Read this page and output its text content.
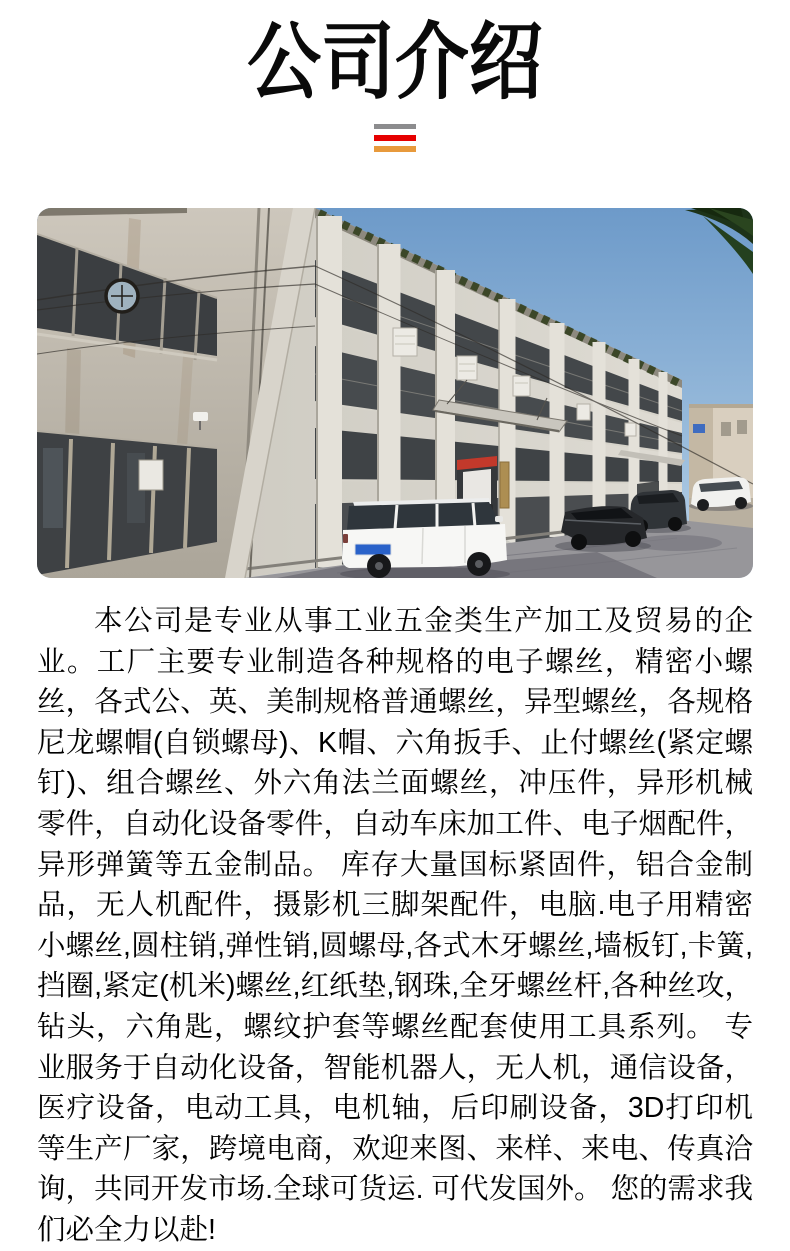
公司介绍

本公司是专业从事工业五金类生产加工及贸易的企业。工厂主要专业制造各种规格的电子螺丝，精密小螺丝，各式公、英、美制规格普通螺丝，异型螺丝，各规格尼龙螺帽(自锁螺母)、K帽、六角扳手、止付螺丝(紧定螺钉)、组合螺丝、外六角法兰面螺丝，冲压件，异形机械零件，自动化设备零件，自动车床加工件、电子烟配件，异形弹簧等五金制品。 库存大量国标紧固件，铝合金制品，无人机配件，摄影机三脚架配件，电脑.电子用精密小螺丝,圆柱销,弹性销,圆螺母,各式木牙螺丝,墙板钉,卡簧,挡圈,紧定(机米)螺丝,红纸垫,钢珠,全牙螺丝杆,各种丝攻，钻头，六角匙，螺纹护套等螺丝配套使用工具系列。 专业服务于自动化设备，智能机器人，无人机，通信设备，医疗设备，电动工具，电机轴，后印刷设备，3D打印机等生产厂家，跨境电商，欢迎来图、来样、来电、传真洽询，共同开发市场.全球可货运. 可代发国外。 您的需求我们必全力以赴!
